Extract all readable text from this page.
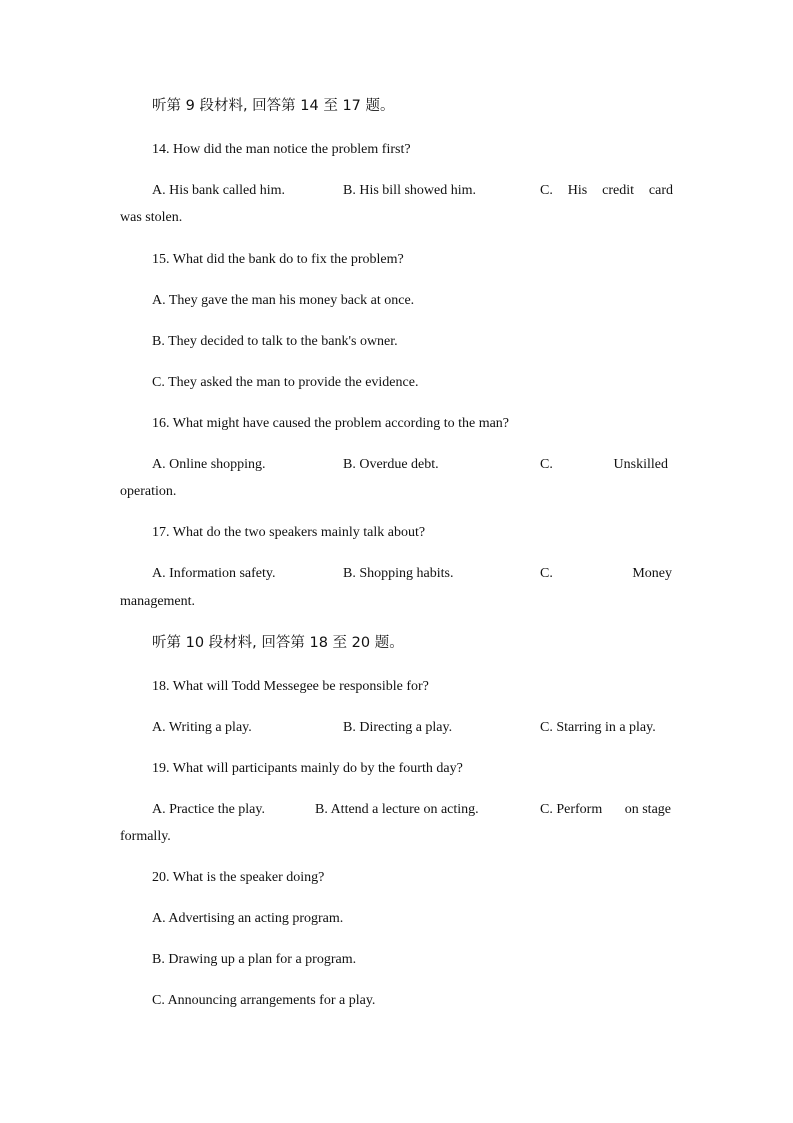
听第 9 段材料, 回答第 14 至 17 题。
14. How did the man notice the problem first?
A. His bank called him.	B. His bill showed him.	C. His credit card
was stolen.
15. What did the bank do to fix the problem?
A. They gave the man his money back at once.
B. They decided to talk to the bank's owner.
C. They asked the man to provide the evidence.
16. What might have caused the problem according to the man?
A. Online shopping.	B. Overdue debt.	C.	Unskilled
operation.
17. What do the two speakers mainly talk about?
A. Information safety.	B. Shopping habits.	C.	Money
management.
听第 10 段材料, 回答第 18 至 20 题。
18. What will Todd Messegee be responsible for?
A. Writing a play.	B. Directing a play.	C. Starring in a play.
19. What will participants mainly do by the fourth day?
A. Practice the play.	B. Attend a lecture on acting.	C. Perform on stage
formally.
20. What is the speaker doing?
A. Advertising an acting program.
B. Drawing up a plan for a program.
C. Announcing arrangements for a play.
